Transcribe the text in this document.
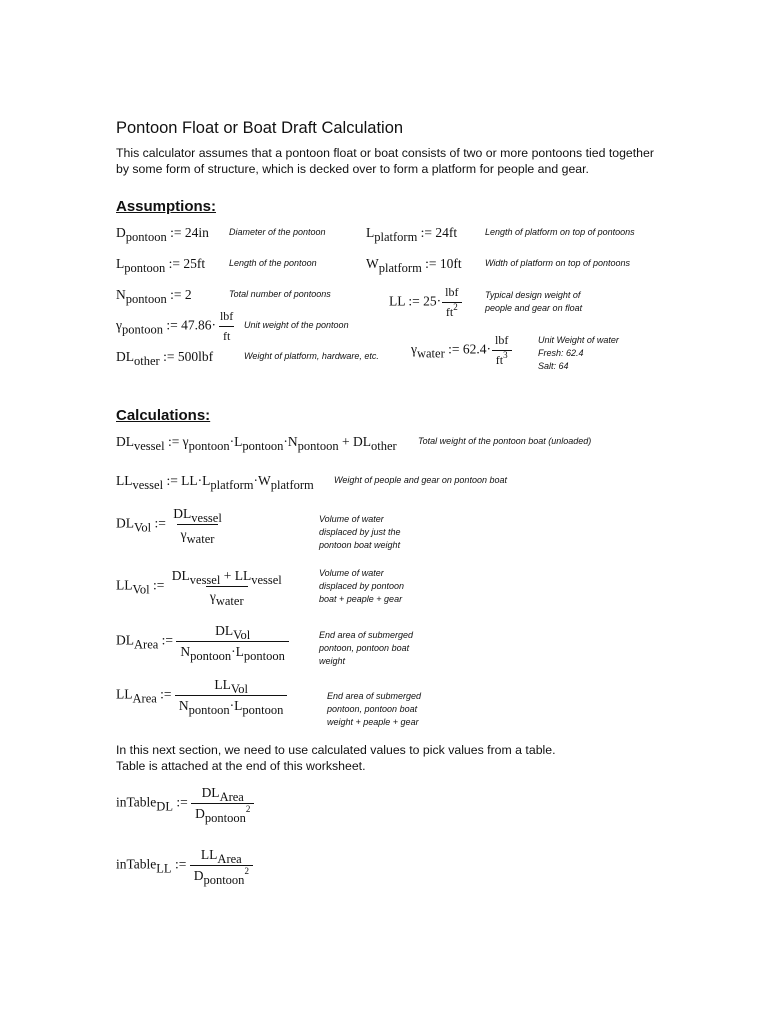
Pontoon Float or Boat Draft Calculation
This calculator assumes that a pontoon float or boat consists of two or more pontoons tied together by some form of structure, which is decked over to form a platform for people and gear.
Assumptions:
$D_{pontoon}$ := 24in Diameter of the pontoon
$L_{pontoon}$ := 25ft	Length of the pontoon
$N_{pontoon}$ := 2	Total number of pontoons
$\gamma_{pontoon}$ := $47.86\cdot \frac{\text{lbf}}{ft}$ Unit weight of the pontoon
$DL_{other}$ := 500lbf	Weight of platform, hardware, etc.
$L_{platform}$ := 24ft	Length of platform on top of pontoons
$W_{platform}$ := 10ft	Width of platform on top of pontoons
LL := $25\cdot \frac{\text{lbf}}{ft^2}$	Typical design weight of
people and gear on float
$\gamma_{water}$ := $62.4\cdot \frac{\text{lbf}}{ft^3}$	Unit Weight of water
Fresh: 62.4
Salt: 64
Calculations:
$DL_{vessel}$ := $\gamma_{pontoon}\cdot L_{pontoon}\cdot N_{pontoon} + DL_{other}$ Total weight of the pontoon boat (unloaded)
$LL_{vessel}$ := $LL\cdot L_{platform}\cdot W_{platform}$ Weight of people and gear on pontoon boat
$DL_{Vol}$ := $\frac{DL_{vessel}}{\gamma_{water}}$	Volume of water
displaced by just the
pontoon boat weight
$LL_{Vol}$ := $\frac{DL_{vessel} + LL_{vessel}}{\gamma_{water}}$	Volume of water
displaced by pontoon
boat + peaple + gear
$DL_{Area}$ := $\frac{DL_{Vol}}{N_{pontoon}\cdot L_{pontoon}}$	End area of submerged
pontoon, pontoon boat
weight
$LL_{Area}$ := $\frac{LL_{Vol}}{N_{pontoon}\cdot L_{pontoon}}$	End area of submerged
pontoon, pontoon boat
weight + peaple + gear
In this next section, we need to use calculated values to pick values from a table.
Table is attached at the end of this worksheet.
inTable$_{DL}$ := $\frac{DL_{Area}}{D_{pontoon}^2}$
inTable$_{LL}$ := $\frac{LL_{Area}}{D_{pontoon}^2}$
